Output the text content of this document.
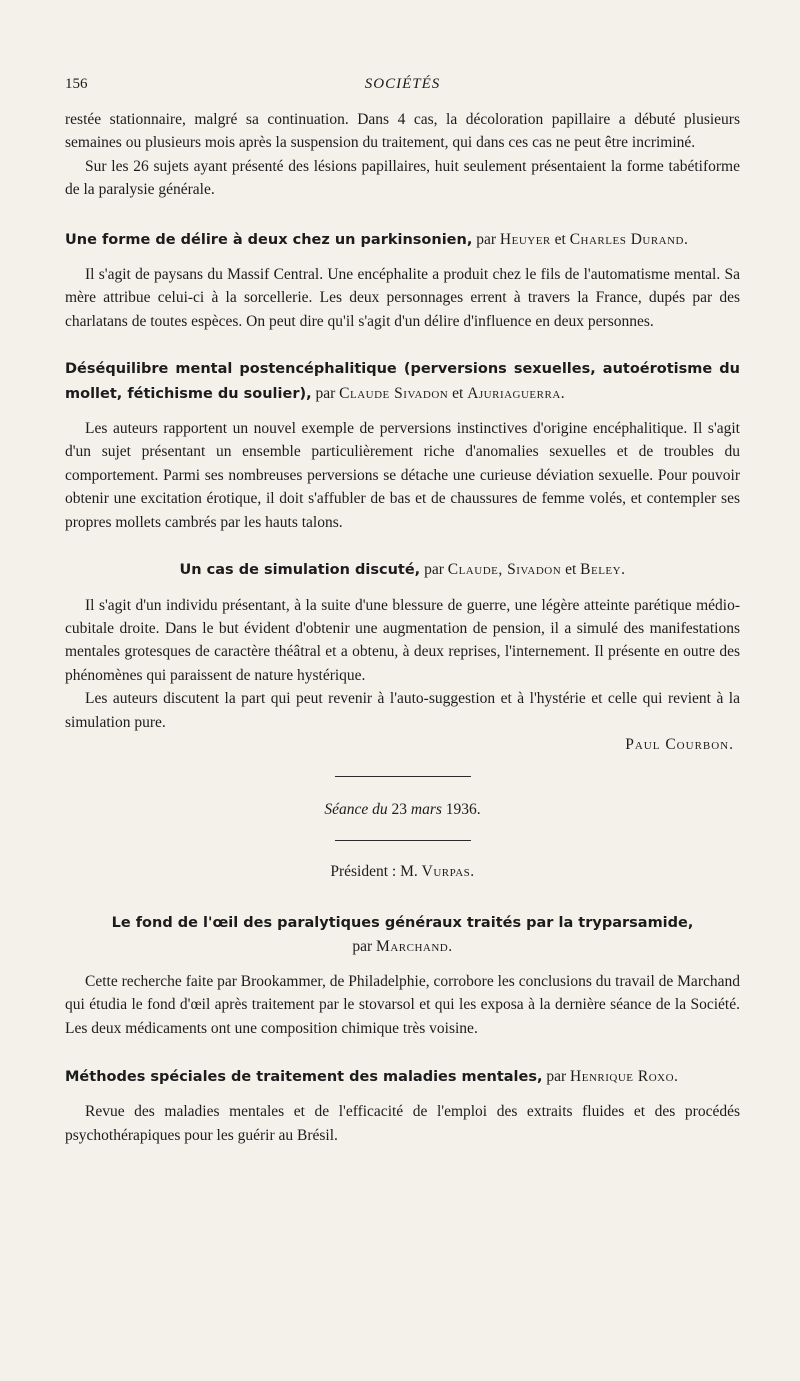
156	SOCIÉTÉS

restée stationnaire, malgré sa continuation. Dans 4 cas, la décoloration papillaire a débuté plusieurs semaines ou plusieurs mois après la suspension du traitement, qui dans ces cas ne peut être incriminé.

Sur les 26 sujets ayant présenté des lésions papillaires, huit seulement présentaient la forme tabétiforme de la paralysie générale.

Une forme de délire à deux chez un parkinsonien, par Heuyer et Charles Durand.

Il s'agit de paysans du Massif Central. Une encéphalite a produit chez le fils de l'automatisme mental. Sa mère attribue celui-ci à la sorcellerie. Les deux personnages errent à travers la France, dupés par des charlatans de toutes espèces. On peut dire qu'il s'agit d'un délire d'influence en deux personnes.

Déséquilibre mental postencéphalitique (perversions sexuelles, autoérotisme du mollet, fétichisme du soulier), par Claude Sivadon et Ajuriaguerra.

Les auteurs rapportent un nouvel exemple de perversions instinctives d'origine encéphalitique. Il s'agit d'un sujet présentant un ensemble particulièrement riche d'anomalies sexuelles et de troubles du comportement. Parmi ses nombreuses perversions se détache une curieuse déviation sexuelle. Pour pouvoir obtenir une excitation érotique, il doit s'affubler de bas et de chaussures de femme volés, et contempler ses propres mollets cambrés par les hauts talons.

Un cas de simulation discuté, par Claude, Sivadon et Beley.

Il s'agit d'un individu présentant, à la suite d'une blessure de guerre, une légère atteinte parétique médio-cubitale droite. Dans le but évident d'obtenir une augmentation de pension, il a simulé des manifestations mentales grotesques de caractère théâtral et a obtenu, à deux reprises, l'internement. Il présente en outre des phénomènes qui paraissent de nature hystérique.

Les auteurs discutent la part qui peut revenir à l'auto-suggestion et à l'hystérie et celle qui revient à la simulation pure.

Paul Courbon.
Séance du 23 mars 1936.
Président : M. Vurpas.
Le fond de l'œil des paralytiques généraux traités par la tryparsamide,
par Marchand.

Cette recherche faite par Brookammer, de Philadelphie, corrobore les conclusions du travail de Marchand qui étudia le fond d'œil après traitement par le stovarsol et qui les exposa à la dernière séance de la Société. Les deux médicaments ont une composition chimique très voisine.

Méthodes spéciales de traitement des maladies mentales, par Henrique Roxo.

Revue des maladies mentales et de l'efficacité de l'emploi des extraits fluides et des procédés psychothérapiques pour les guérir au Brésil.
